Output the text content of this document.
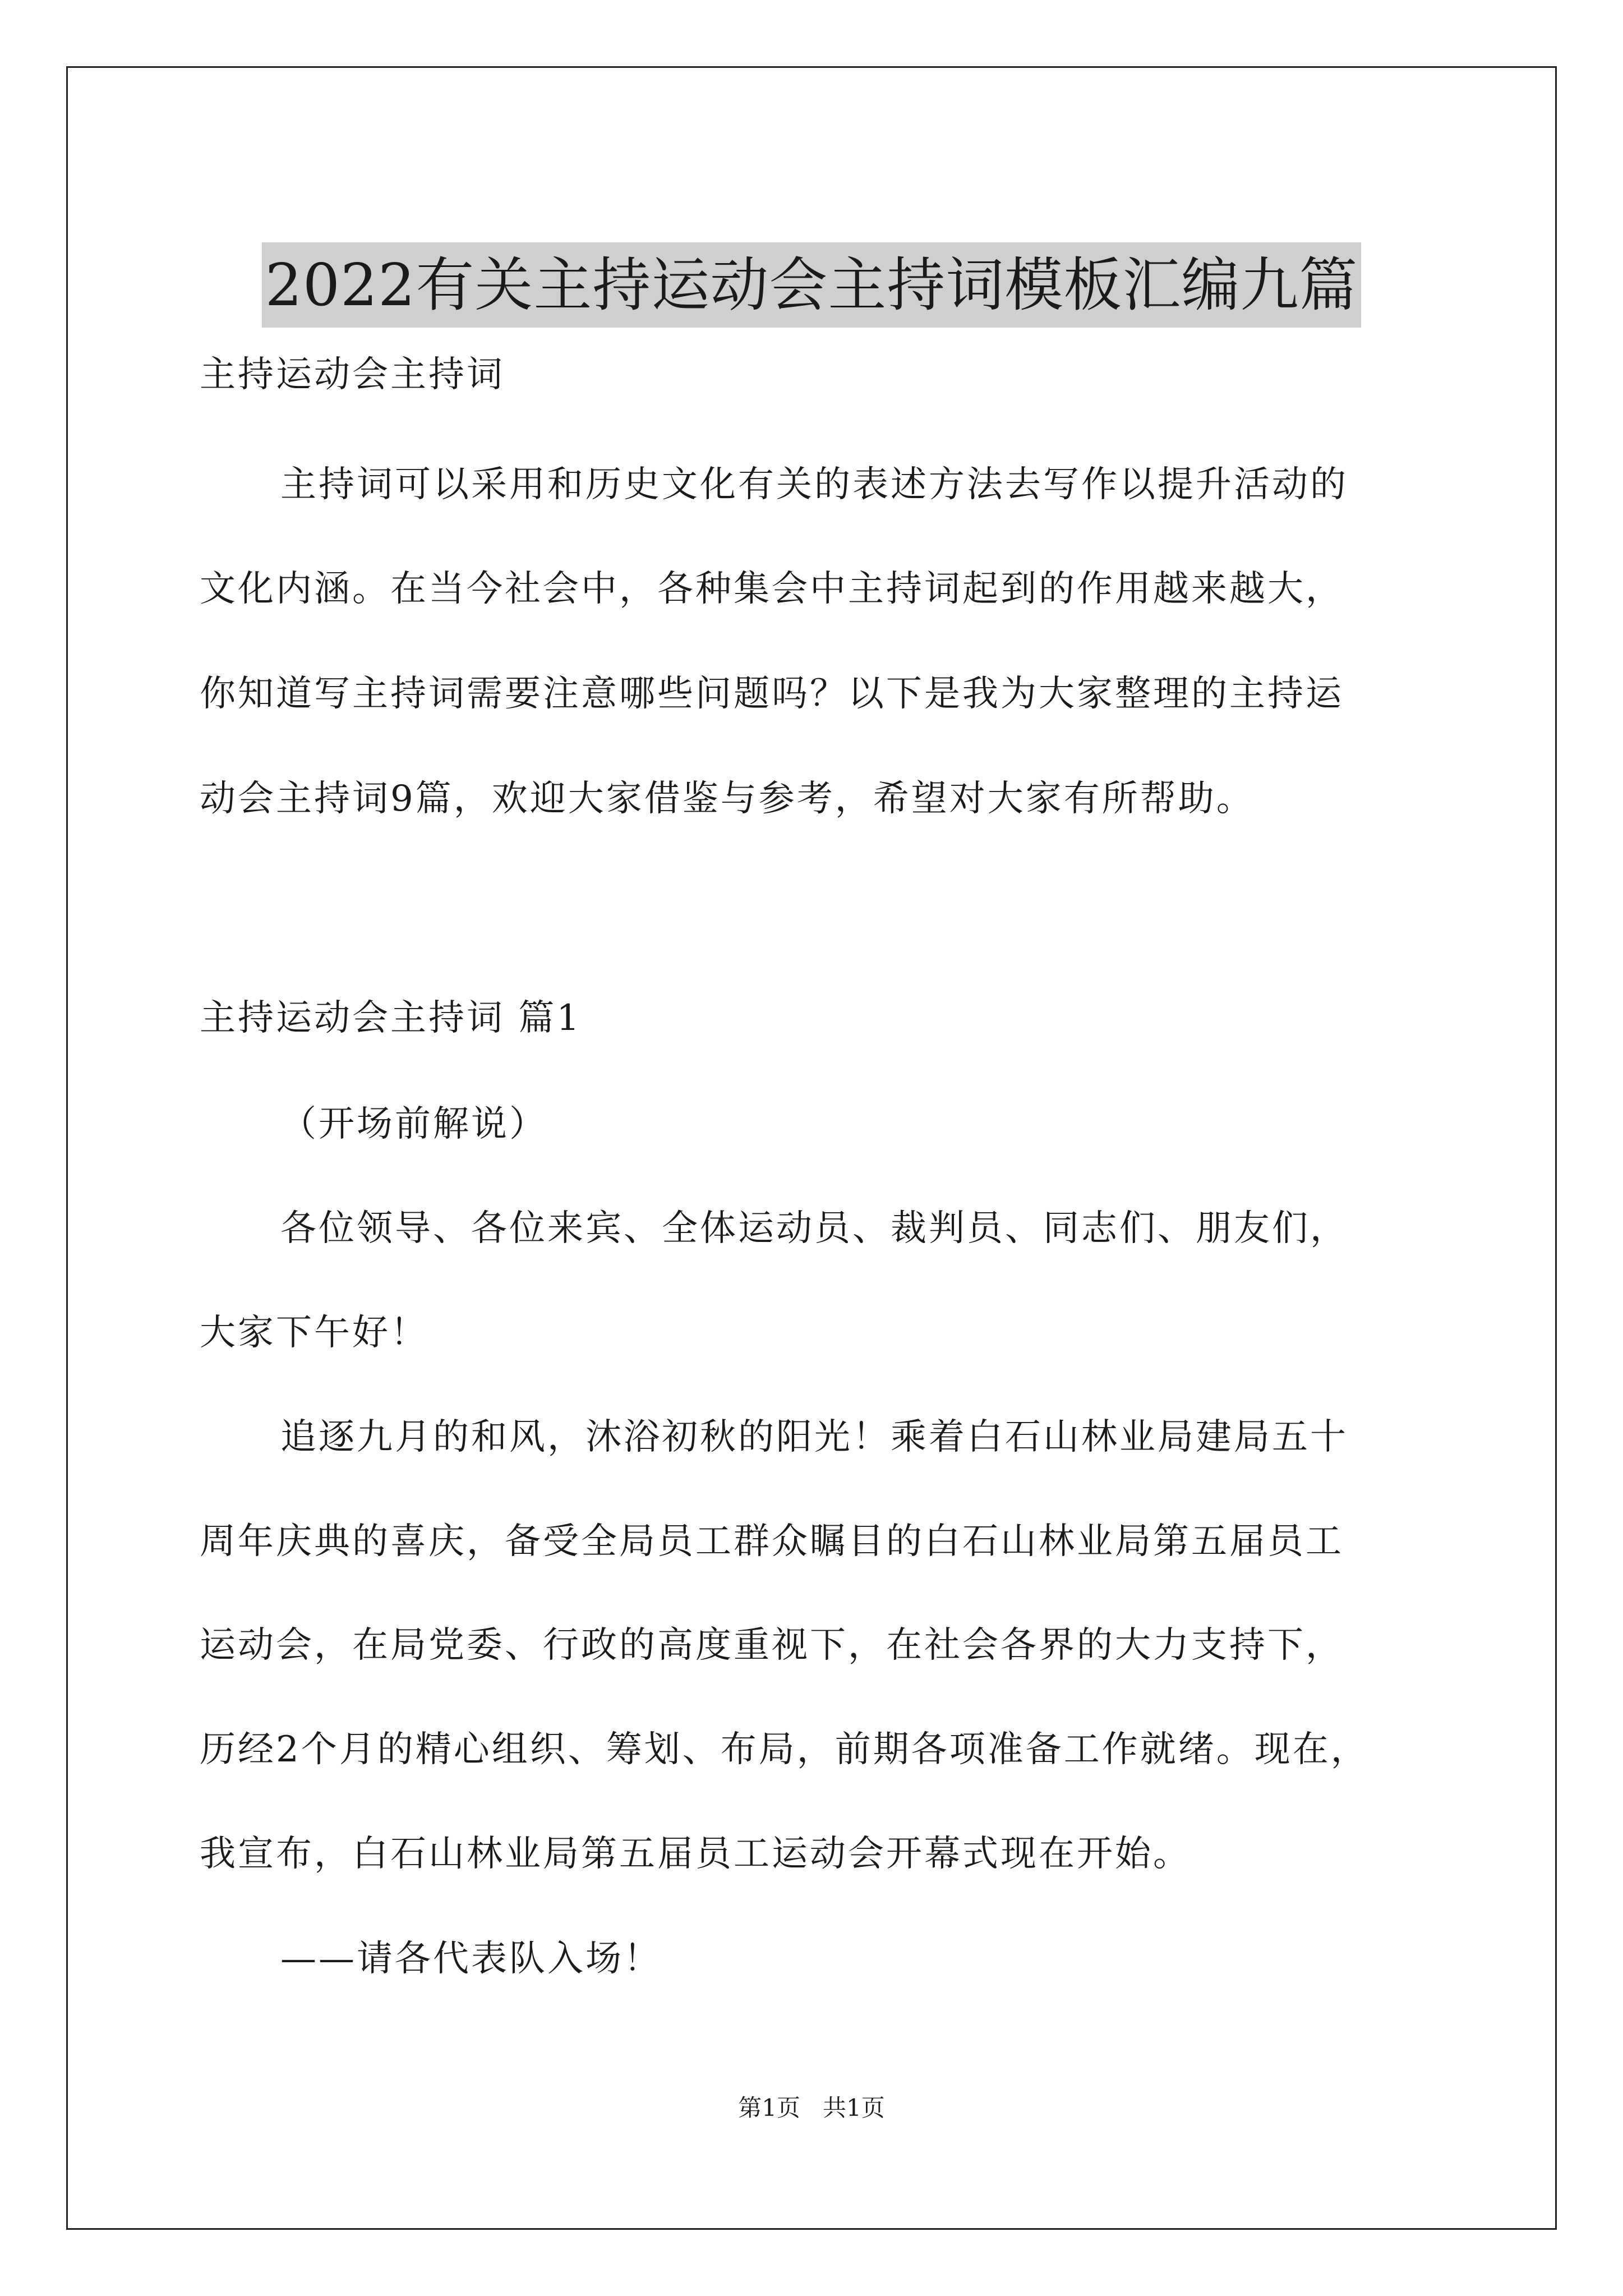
2022有关主持运动会主持词模板汇编九篇
主持运动会主持词
主持词可以采用和历史文化有关的表述方法去写作以提升活动的
文化内涵。在当今社会中，各种集会中主持词起到的作用越来越大，
你知道写主持词需要注意哪些问题吗？以下是我为大家整理的主持运
动会主持词9篇，欢迎大家借鉴与参考，希望对大家有所帮助。
主持运动会主持词 篇1
（开场前解说）
各位领导、各位来宾、全体运动员、裁判员、同志们、朋友们，
大家下午好！
追逐九月的和风，沐浴初秋的阳光！乘着白石山林业局建局五十
周年庆典的喜庆，备受全局员工群众瞩目的白石山林业局第五届员工
运动会，在局党委、行政的高度重视下，在社会各界的大力支持下，
历经2个月的精心组织、筹划、布局，前期各项准备工作就绪。现在，
我宣布，白石山林业局第五届员工运动会开幕式现在开始。
——请各代表队入场！
第1页   共1页
